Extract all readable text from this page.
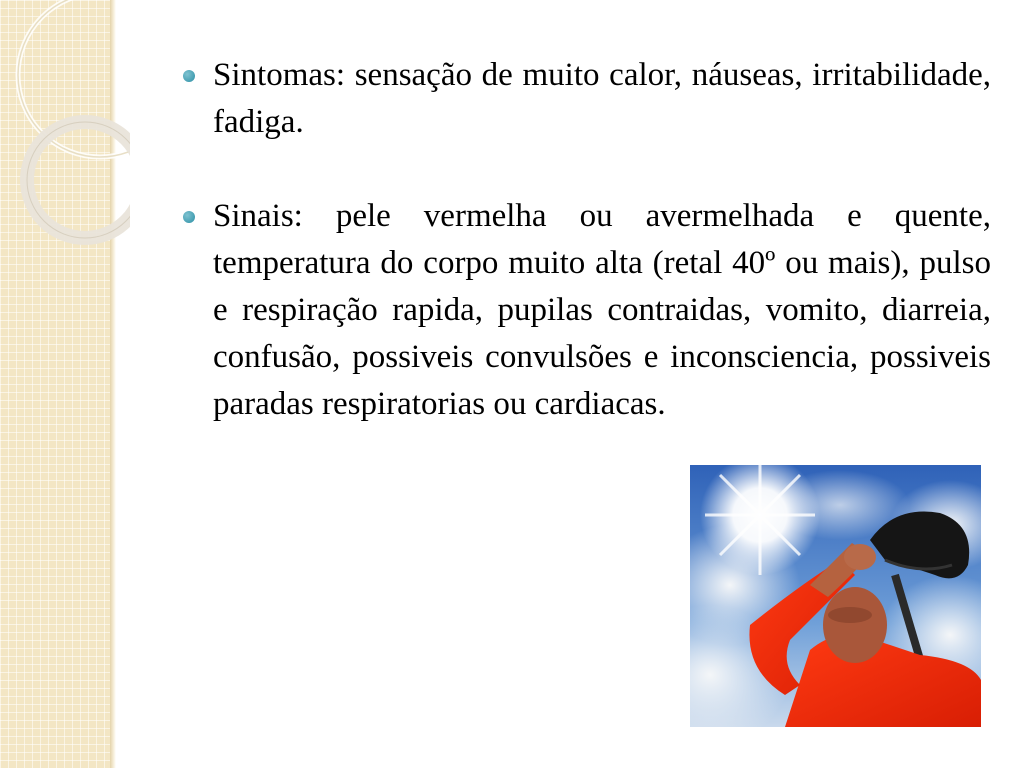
Sintomas: sensação de muito calor, náuseas, irritabilidade, fadiga.

Sinais: pele vermelha ou avermelhada e quente, temperatura do corpo muito alta (retal 40º ou mais), pulso e respiração rapida, pupilas contraidas, vomito, diarreia, confusão, possiveis convulsões e inconsciencia, possiveis paradas respiratorias ou cardiacas.
